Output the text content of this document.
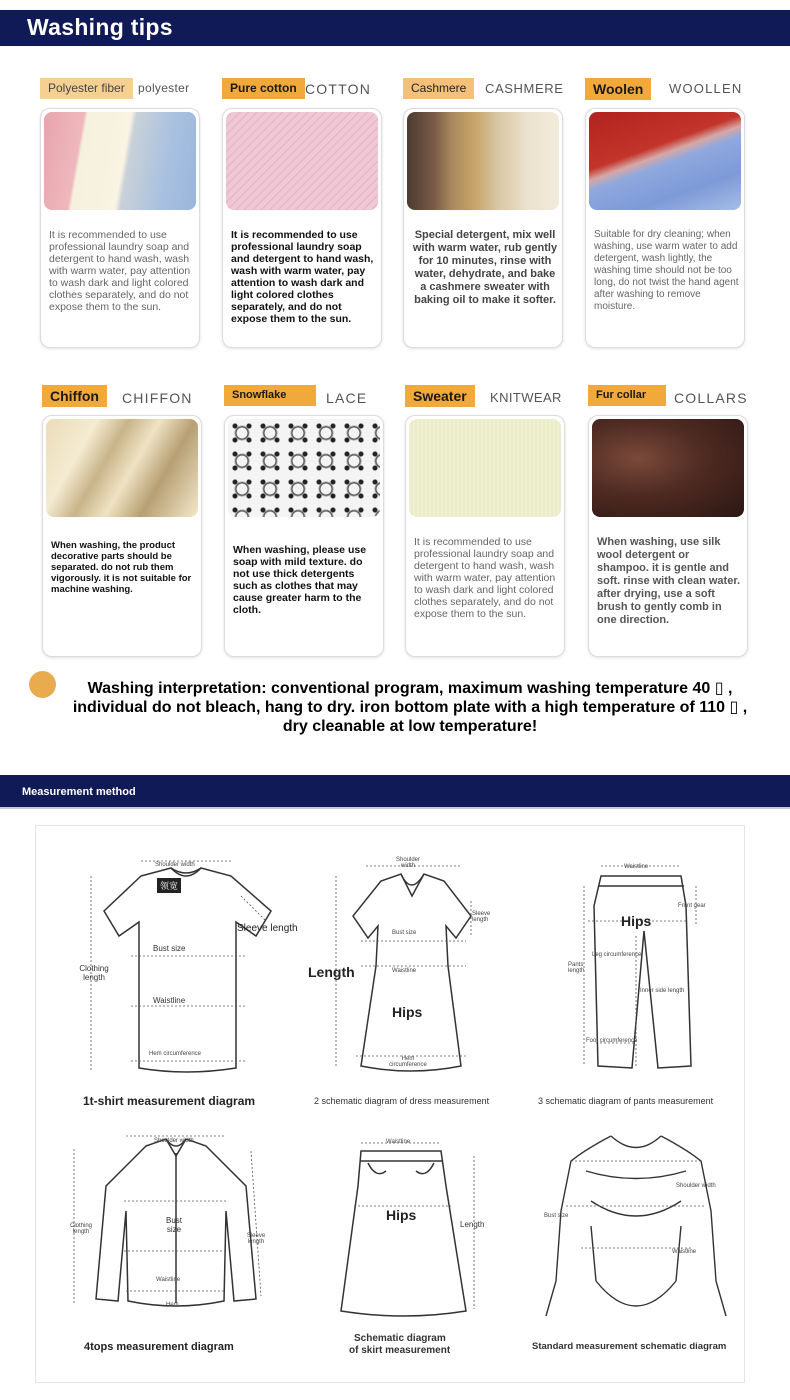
Washing tips
Polyester fiber	polyester
It is recommended to use professional laundry soap and detergent to hand wash, wash with warm water, pay attention to wash dark and light colored clothes separately, and do not expose them to the sun.
Pure cotton COTTON
It is recommended to use professional laundry soap and detergent to hand wash, wash with warm water, pay attention to wash dark and light colored clothes separately, and do not expose them to the sun.
Cashmere	CASHMERE
Special detergent, mix well with warm water, rub gently for 10 minutes, rinse with water, dehydrate, and bake a cashmere sweater with baking oil to make it softer.
Woolen	WOOLLEN
Suitable for dry cleaning; when washing, use warm water to add detergent, wash lightly, the washing time should not be too long, do not twist the hand agent after washing to remove moisture.
Chiffon	CHIFFON
When washing, the product decorative parts should be separated. do not rub them vigorously. it is not suitable for machine washing.
Snowflake	LACE
When washing, please use soap with mild texture. do not use thick detergents such as clothes that may cause greater harm to the cloth.
Sweater	KNITWEAR
It is recommended to use professional laundry soap and detergent to hand wash, wash with warm water, pay attention to wash dark and light colored clothes separately, and do not expose them to the sun.
Fur collar	COLLARS
When washing, use silk wool detergent or shampoo. it is gentle and soft. rinse with clean water. after drying, use a soft brush to gently comb in one direction.
Washing interpretation: conventional program, maximum washing temperature 40 ▯ , individual do not bleach, hang to dry. iron bottom plate with a high temperature of 110 ▯ , dry cleanable at low temperature!
Measurement method
领宽
Shoulder width
Sleeve length
Bust size
Clothing length
Waistline
Hem circumference
1t-shirt measurement diagram
Shoulder width
Sleeve length
Bust size
Length	Waistline
Hips
Hem circumference
2 schematic diagram of dress measurement
Waistline
Hips
Front gear
Pants length
Leg circumference
Inner side length
Foot circumference
3 schematic diagram of pants measurement
Shoulder width
Bust size
Clothing length
Sleeve length
Waistline
Hem
4tops measurement diagram
Waistline
Hips
Length
Schematic diagram
of skirt measurement
Shoulder width
Bust size
Waistline
Standard measurement schematic diagram
